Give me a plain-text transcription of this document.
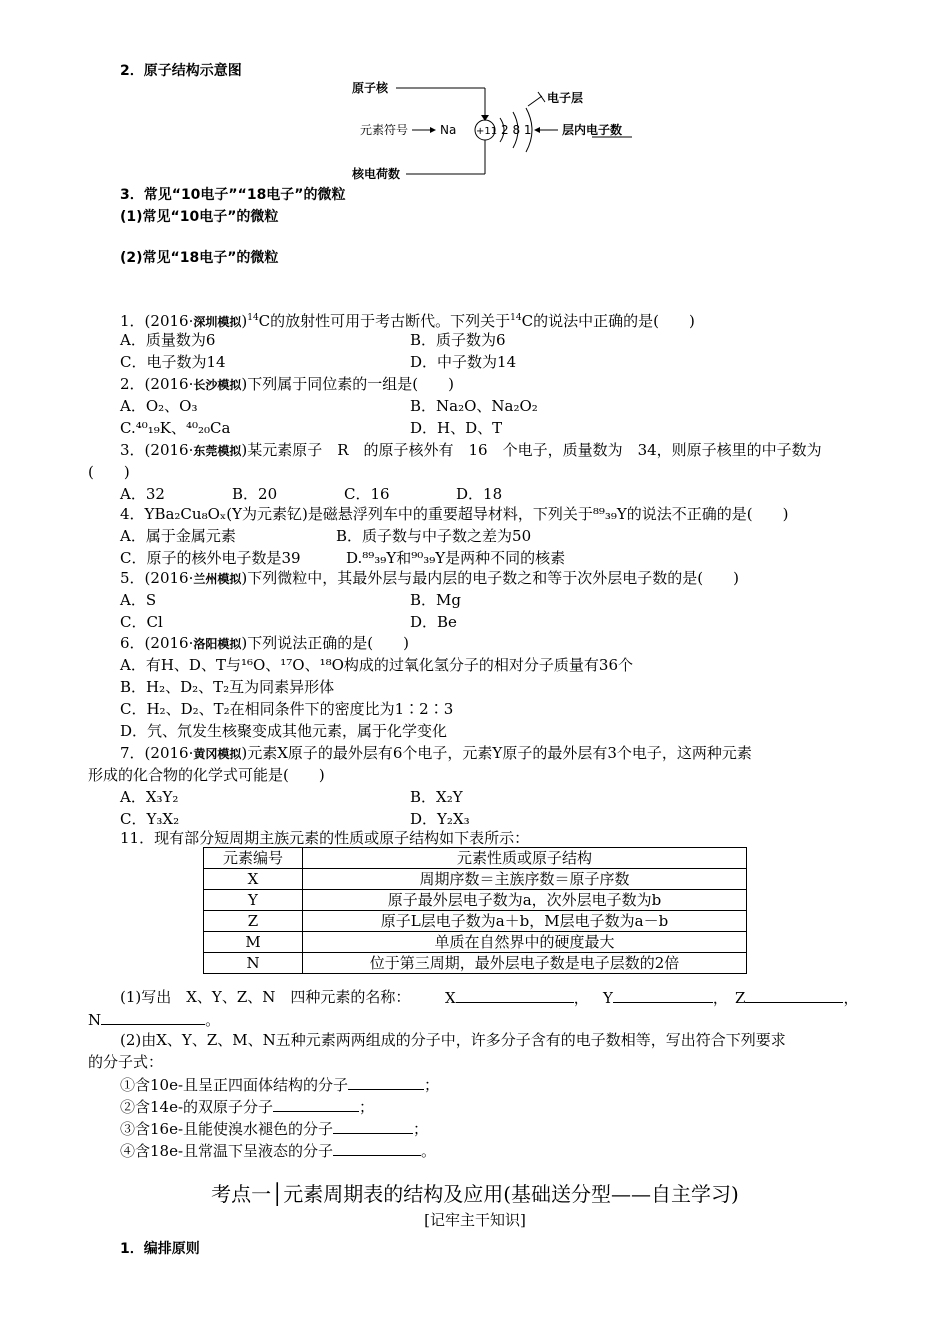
2．原子结构示意图
原子核
元素符号	Na +11 2 8 1
电子层
层内电子数
核电荷数
3．常见“10电子”“18电子”的微粒
(1)常见“10电子”的微粒
(2)常见“18电子”的微粒
1．(2016·深圳模拟)$^{14}$C的放射性可用于考古断代。下列关于$^{14}$C的说法中正确的是(　　)
A．质量数为6	B．质子数为6
C．电子数为14	D．中子数为14
2．(2016·长沙模拟)下列属于同位素的一组是(　　)
A．O₂、O₃	B．Na₂O、Na₂O₂
C.⁴⁰₁₉K、⁴⁰₂₀Ca	D．H、D、T
3．(2016·东莞模拟)某元素原子　R　的原子核外有　16　个电子，质量数为　34，则原子核里的中子数为
(　　)
A．32	B．20	C．16	D．18
4．YBa₂Cu₈Oₓ(Y为元素钇)是磁悬浮列车中的重要超导材料，下列关于⁸⁹₃₉Y的说法不正确的是(　　)
A．属于金属元素	B．质子数与中子数之差为50
C．原子的核外电子数是39	D.⁸⁹₃₉Y和⁹⁰₃₉Y是两种不同的核素
5．(2016·兰州模拟)下列微粒中，其最外层与最内层的电子数之和等于次外层电子数的是(　　)
A．S	B．Mg
C．Cl	D．Be
6．(2016·洛阳模拟)下列说法正确的是(　　)
A．有H、D、T与¹⁶O、¹⁷O、¹⁸O构成的过氧化氢分子的相对分子质量有36个
B．H₂、D₂、T₂互为同素异形体
C．H₂、D₂、T₂在相同条件下的密度比为1∶2∶3
D．氕、氘发生核聚变成其他元素，属于化学变化
7．(2016·黄冈模拟)元素X原子的最外层有6个电子，元素Y原子的最外层有3个电子，这两种元素
形成的化合物的化学式可能是(　　)
A．X₃Y₂	B．X₂Y
C．Y₃X₂	D．Y₂X₃
11．现有部分短周期主族元素的性质或原子结构如下表所示：
元素编号	元素性质或原子结构
X	周期序数＝主族序数＝原子序数
Y	原子最外层电子数为a，次外层电子数为b
Z	原子L层电子数为a＋b，M层电子数为a－b
M	单质在自然界中的硬度最大
N	位于第三周期，最外层电子数是电子层数的2倍
(1)写出　X、Y、Z、N　四种元素的名称： X	， Y	， Z	，
N	。
(2)由X、Y、Z、M、N五种元素两两组成的分子中，许多分子含有的电子数相等，写出符合下列要求
的分子式：
①含10e-且呈正四面体结构的分子	；
②含14e-的双原子分子	；
③含16e-且能使溴水褪色的分子	；
④含18e-且常温下呈液态的分子	。
考点一│元素周期表的结构及应用(基础送分型——自主学习)
[记牢主干知识]
1．编排原则
